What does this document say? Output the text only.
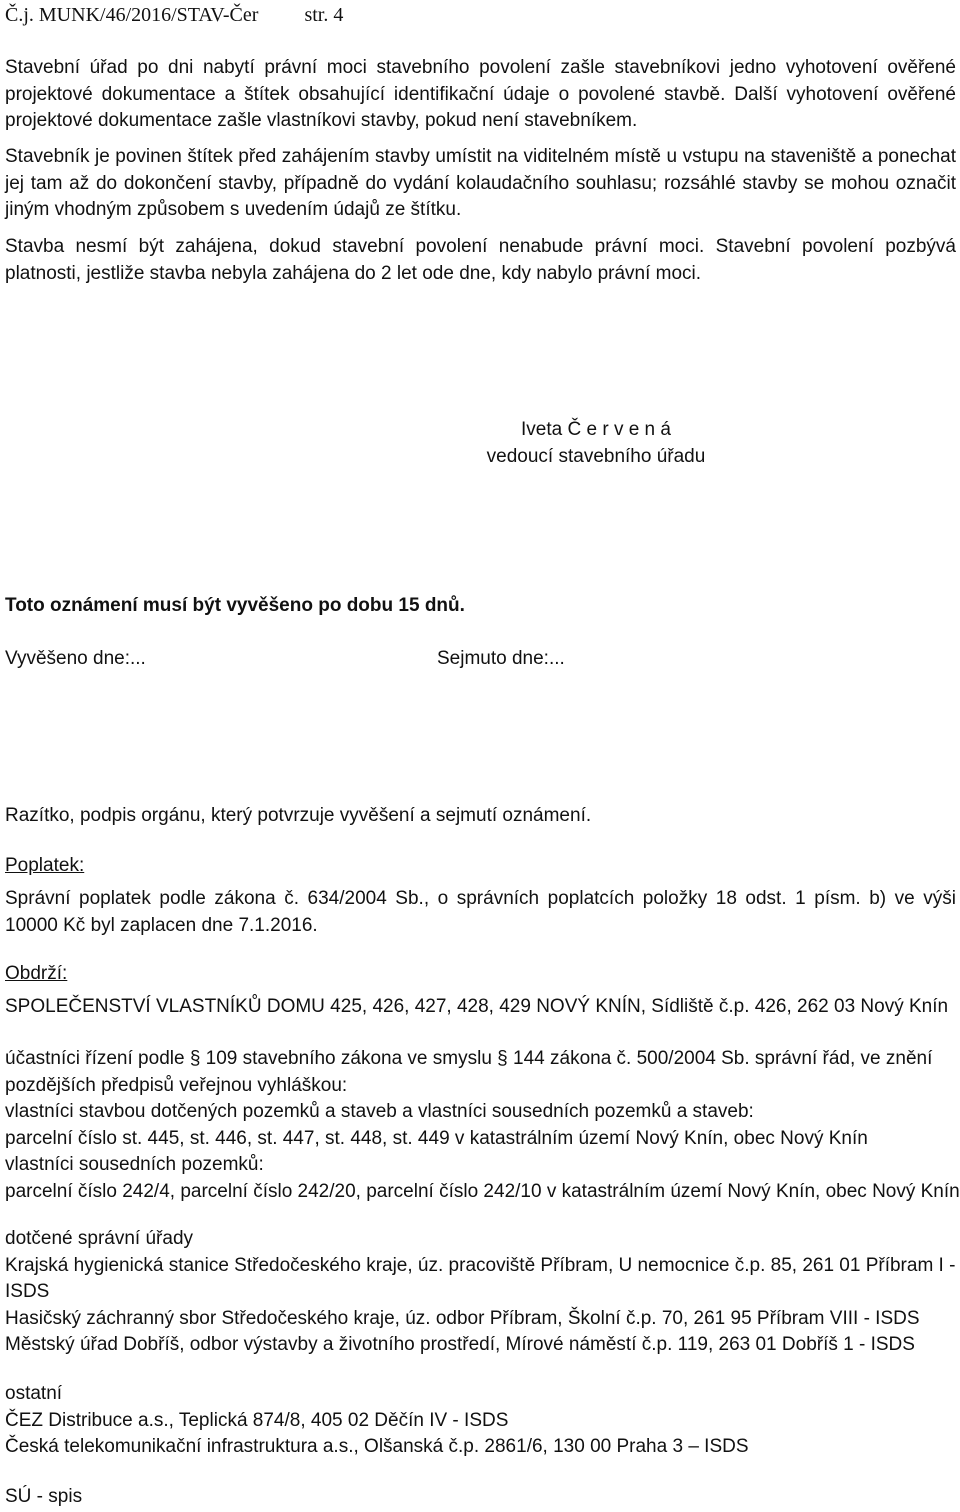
Č.j. MUNK/46/2016/STAV-Čer str. 4

Stavební úřad po dni nabytí právní moci stavebního povolení zašle stavebníkovi jedno vyhotovení ověřené projektové dokumentace a štítek obsahující identifikační údaje o povolené stavbě. Další vyhotovení ověřené projektové dokumentace zašle vlastníkovi stavby, pokud není stavebníkem.

Stavebník je povinen štítek před zahájením stavby umístit na viditelném místě u vstupu na staveniště a ponechat jej tam až do dokončení stavby, případně do vydání kolaudačního souhlasu; rozsáhlé stavby se mohou označit jiným vhodným způsobem s uvedením údajů ze štítku.

Stavba nesmí být zahájena, dokud stavební povolení nenabude právní moci. Stavební povolení pozbývá platnosti, jestliže stavba nebyla zahájena do 2 let ode dne, kdy nabylo právní moci.

Iveta Č e r v e n á
vedoucí stavebního úřadu
Toto oznámení musí být vyvěšeno po dobu 15 dnů.
Vyvěšeno dne:...	Sejmuto dne:...
Razítko, podpis orgánu, který potvrzuje vyvěšení a sejmutí oznámení.
Poplatek:

Správní poplatek podle zákona č. 634/2004 Sb., o správních poplatcích položky 18 odst. 1 písm. b) ve výši 10000 Kč byl zaplacen dne 7.1.2016.

Obdrží:
SPOLEČENSTVÍ VLASTNÍKŮ DOMU 425, 426, 427, 428, 429 NOVÝ KNÍN, Sídliště č.p. 426, 262 03 Nový Knín
účastníci řízení podle § 109 stavebního zákona ve smyslu § 144 zákona č. 500/2004 Sb. správní řád, ve znění
pozdějších předpisů veřejnou vyhláškou:
vlastníci stavbou dotčených pozemků a staveb a vlastníci sousedních pozemků a staveb:
parcelní číslo st. 445, st. 446, st. 447, st. 448, st. 449 v katastrálním území Nový Knín, obec Nový Knín
vlastníci sousedních pozemků:
parcelní číslo 242/4, parcelní číslo 242/20, parcelní číslo 242/10 v katastrálním území Nový Knín, obec Nový Knín
dotčené správní úřady
Krajská hygienická stanice Středočeského kraje, úz. pracoviště Příbram, U nemocnice č.p. 85, 261 01 Příbram I -
ISDS
Hasičský záchranný sbor Středočeského kraje, úz. odbor Příbram, Školní č.p. 70, 261 95 Příbram VIII - ISDS
Městský úřad Dobříš, odbor výstavby a životního prostředí, Mírové náměstí č.p. 119, 263 01 Dobříš 1 - ISDS
ostatní
ČEZ Distribuce a.s., Teplická 874/8, 405 02 Děčín IV - ISDS
Česká telekomunikační infrastruktura a.s., Olšanská č.p. 2861/6, 130 00 Praha 3 – ISDS
SÚ - spis
